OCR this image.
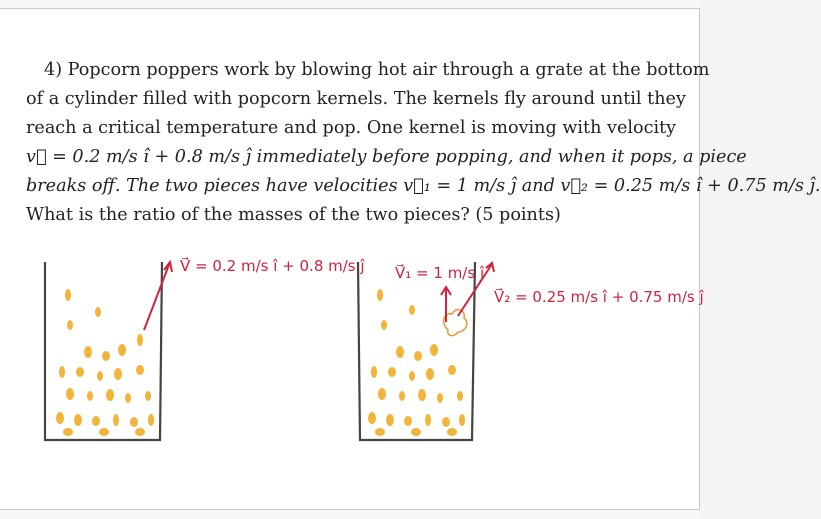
4) Popcorn poppers work by blowing hot air through a grate at the bottom
of a cylinder filled with popcorn kernels. The kernels fly around until they
reach a critical temperature and pop. One kernel is moving with velocity
v⃗ = 0.2 m/s î + 0.8 m/s ĵ immediately before popping, and when it pops, a piece
breaks off. The two pieces have velocities v⃗₁ = 1 m/s ĵ and v⃗₂ = 0.25 m/s î + 0.75 m/s ĵ.
What is the ratio of the masses of the two pieces? (5 points)
V⃗ = 0.2 m/s î + 0.8 m/s ĵ V⃗₁ = 1 m/s ĵ
V⃗₂ = 0.25 m/s î + 0.75 m/s ĵ
